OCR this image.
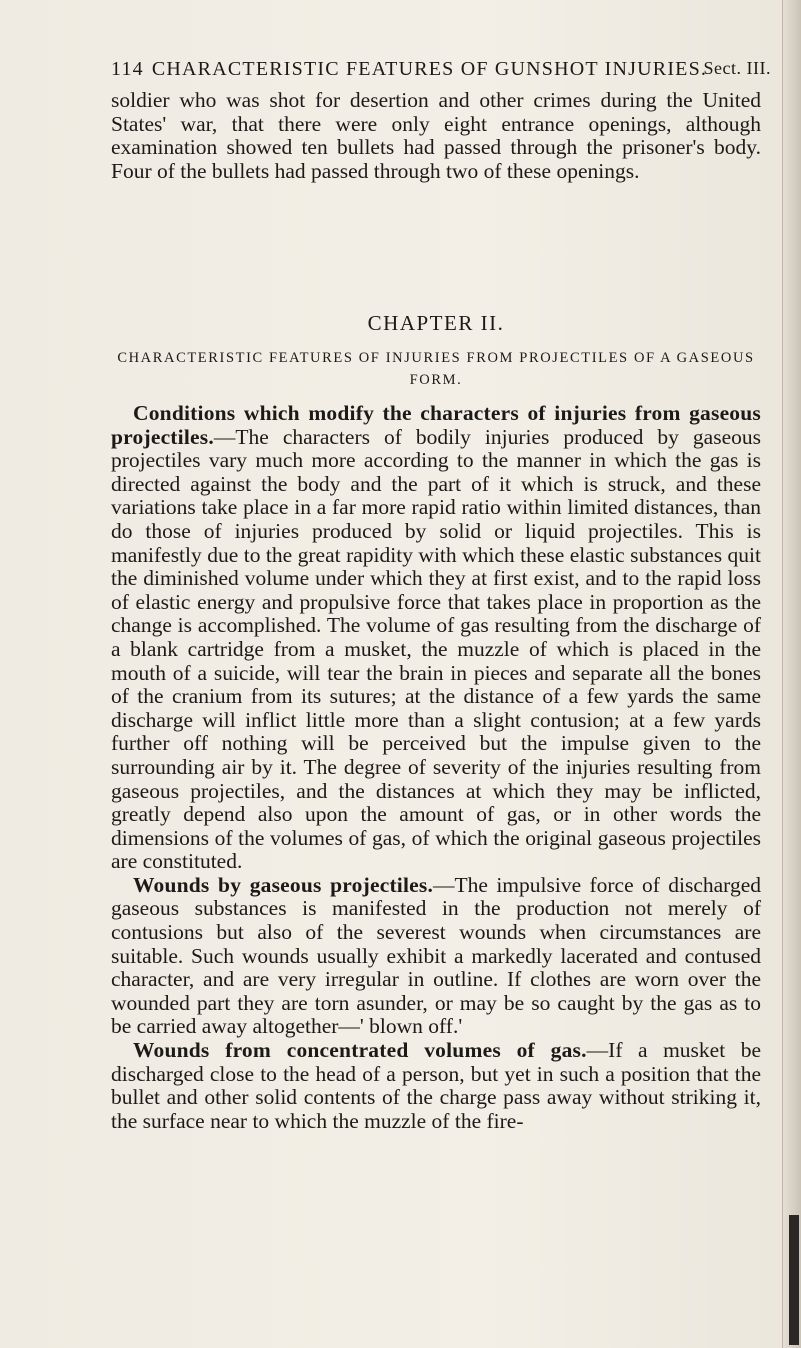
114 CHARACTERISTIC FEATURES OF GUNSHOT INJURIES.
Sect. III.
soldier who was shot for desertion and other crimes during the United States' war, that there were only eight entrance openings, although examination showed ten bullets had passed through the prisoner's body. Four of the bullets had passed through two of these openings.
CHAPTER II.
CHARACTERISTIC FEATURES OF INJURIES FROM PROJECTILES OF A GASEOUS FORM.

Conditions which modify the characters of injuries from gaseous projectiles.—The characters of bodily injuries produced by gaseous projectiles vary much more according to the manner in which the gas is directed against the body and the part of it which is struck, and these variations take place in a far more rapid ratio within limited distances, than do those of injuries produced by solid or liquid projectiles. This is manifestly due to the great rapidity with which these elastic substances quit the diminished volume under which they at first exist, and to the rapid loss of elastic energy and propulsive force that takes place in proportion as the change is accomplished. The volume of gas resulting from the discharge of a blank cartridge from a musket, the muzzle of which is placed in the mouth of a suicide, will tear the brain in pieces and separate all the bones of the cranium from its sutures; at the distance of a few yards the same discharge will inflict little more than a slight contusion; at a few yards further off nothing will be perceived but the impulse given to the surrounding air by it. The degree of severity of the injuries resulting from gaseous projectiles, and the distances at which they may be inflicted, greatly depend also upon the amount of gas, or in other words the dimensions of the volumes of gas, of which the original gaseous projectiles are constituted.

Wounds by gaseous projectiles.—The impulsive force of discharged gaseous substances is manifested in the production not merely of contusions but also of the severest wounds when circumstances are suitable. Such wounds usually exhibit a markedly lacerated and contused character, and are very irregular in outline. If clothes are worn over the wounded part they are torn asunder, or may be so caught by the gas as to be carried away altogether—' blown off.'

Wounds from concentrated volumes of gas.—If a musket be discharged close to the head of a person, but yet in such a position that the bullet and other solid contents of the charge pass away without striking it, the surface near to which the muzzle of the fire-
